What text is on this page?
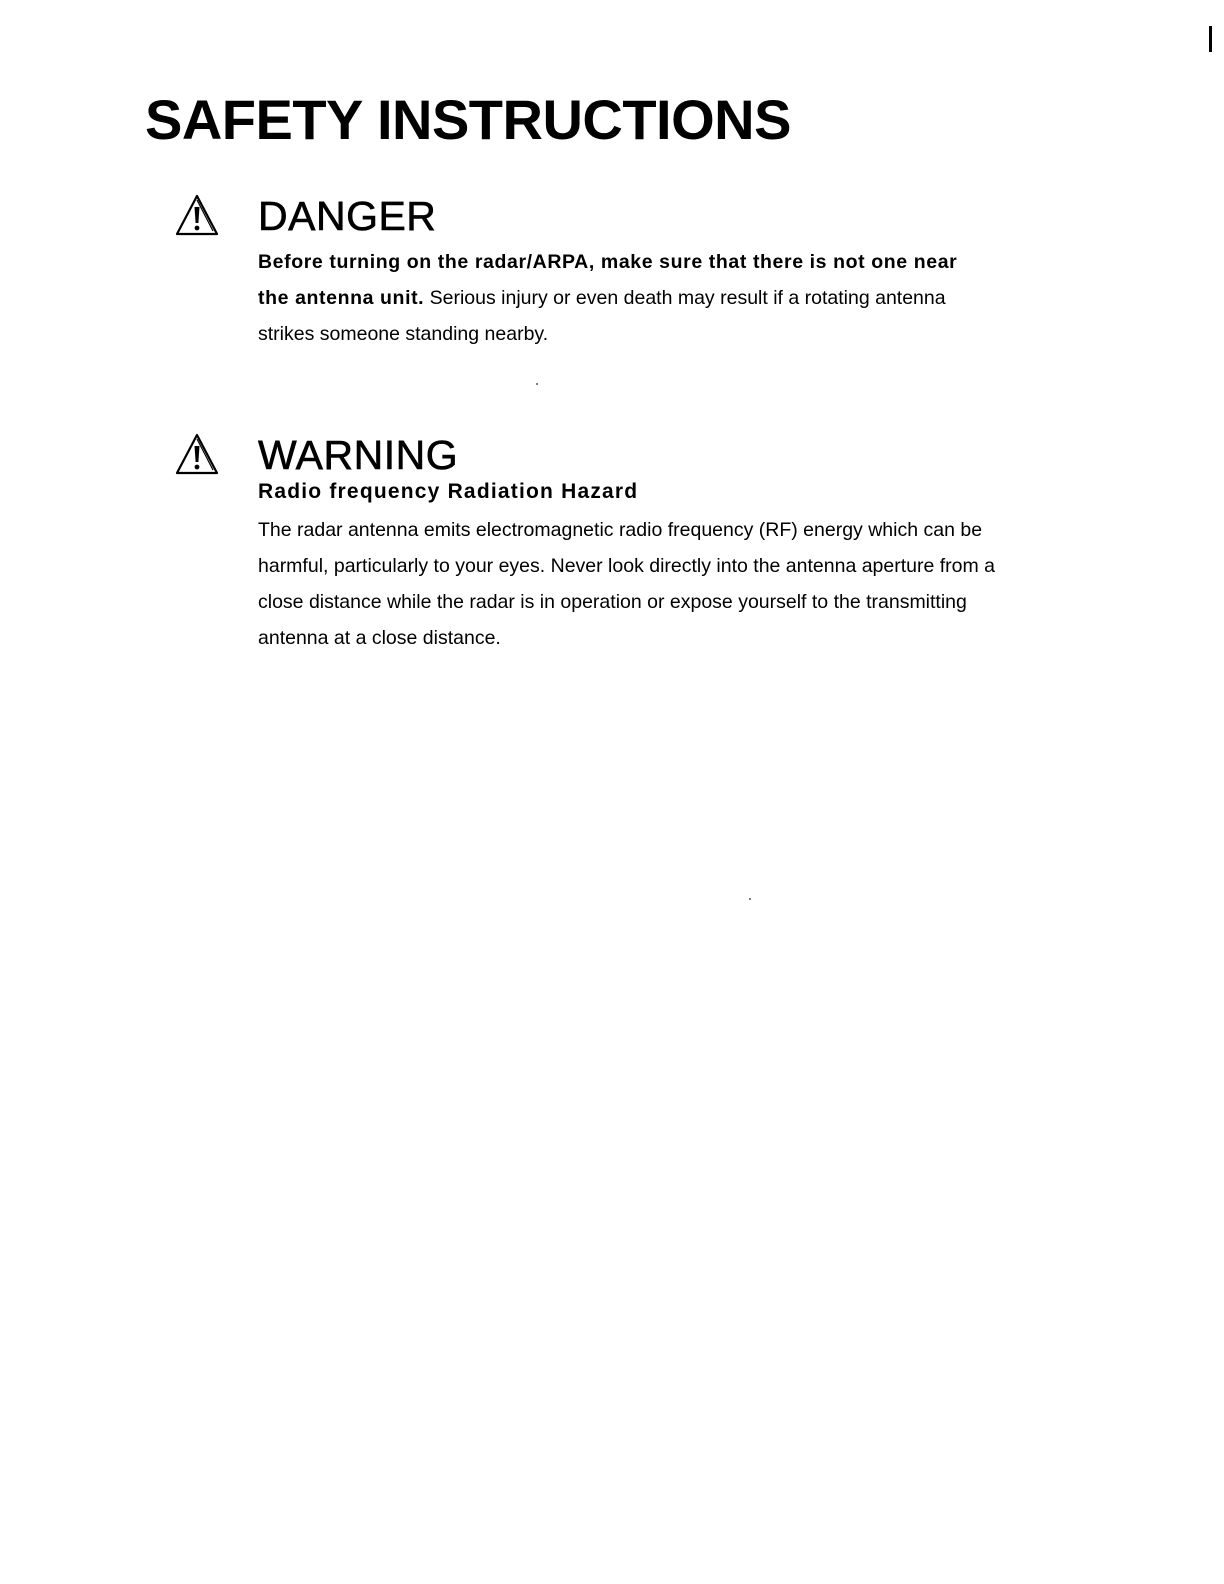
SAFETY INSTRUCTIONS
DANGER
Before turning on the radar/ARPA, make sure that there is not one near
the antenna unit. Serious injury or even death may result if a rotating antenna
strikes someone standing nearby.
WARNING
Radio frequency Radiation Hazard
The radar antenna emits electromagnetic radio frequency (RF) energy which can be
harmful, particularly to your eyes. Never look directly into the antenna aperture from a
close distance while the radar is in operation or expose yourself to the transmitting
antenna at a close distance.
